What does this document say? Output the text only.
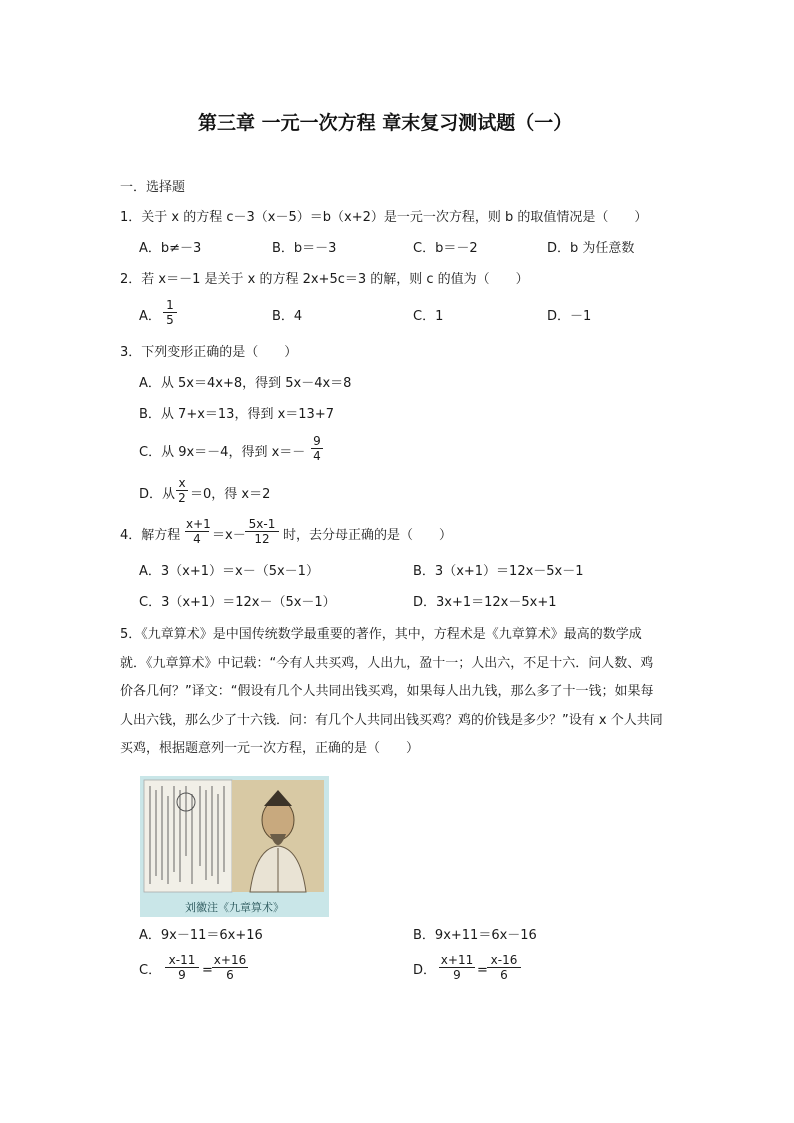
第三章 一元一次方程 章末复习测试题（一）
一．选择题
1．关于 x 的方程 c－3（x－5）＝b（x+2）是一元一次方程，则 b 的取值情况是（　　）
A．b≠－3	B．b＝－3	C．b＝－2	D．b 为任意数
2．若 x＝－1 是关于 x 的方程 2x+5c＝3 的解，则 c 的值为（　　）
A． $\frac{1}{5}$	B．4	C．1	D．－1
3．下列变形正确的是（　　）
A．从 5x＝4x+8，得到 5x－4x＝8
B．从 7+x＝13，得到 x＝13+7
C．从 9x＝－4，得到 $x=- \frac{9}{4}$
D．从 $\frac{x}{2} =0$，得 x＝2
4．解方程 $\frac{x+1}{4} =x- \frac{5x-1}{12}$ 时，去分母正确的是（　　）
A．3（x+1）＝x－（5x－1）	B．3（x+1）＝12x－5x－1
C．3（x+1）＝12x－（5x－1）	D．3x+1＝12x－5x+1
5．《九章算术》是中国传统数学最重要的著作，其中，方程术是《九章算术》最高的数学成就．《九章算术》中记载：“今有人共买鸡，人出九，盈十一；人出六，不足十六．问人数、鸡价各几何？”译文：“假设有几个人共同出钱买鸡，如果每人出九钱，那么多了十一钱；如果每人出六钱，那么少了十六钱．问：有几个人共同出钱买鸡？鸡的价钱是多少？”设有 x 个人共同买鸡，根据题意列一元一次方程，正确的是（　　）
刘徽注《九章算术》
A．9x－11＝6x+16	B．9x+11＝6x－16
C． $\frac{x-11}{9} = \frac{x+16}{6}$	D． $\frac{x+11}{9} = \frac{x-16}{6}$
